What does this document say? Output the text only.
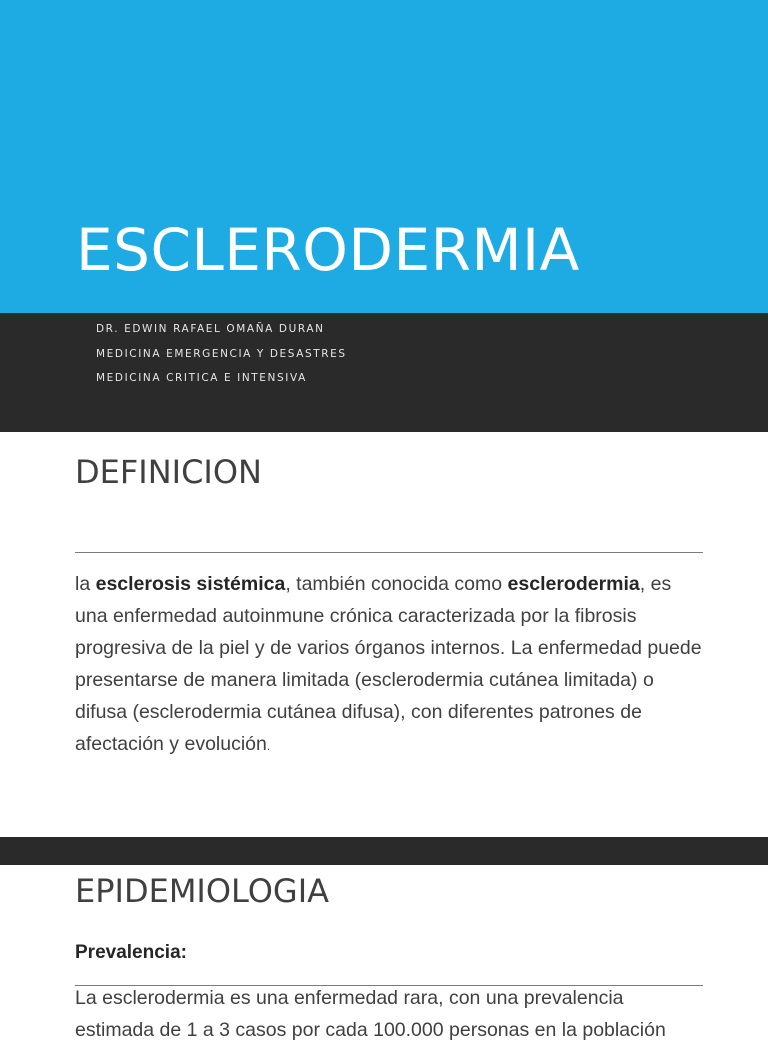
ESCLERODERMIA
DR. EDWIN RAFAEL OMAÑA DURAN
MEDICINA EMERGENCIA Y DESASTRES
MEDICINA CRITICA E INTENSIVA
DEFINICION

la esclerosis sistémica, también conocida como esclerodermia, es una enfermedad autoinmune crónica caracterizada por la fibrosis progresiva de la piel y de varios órganos internos. La enfermedad puede presentarse de manera limitada (esclerodermia cutánea limitada) o difusa (esclerodermia cutánea difusa), con diferentes patrones de afectación y evolución.

EPIDEMIOLOGIA
Prevalencia:

La esclerodermia es una enfermedad rara, con una prevalencia estimada de 1 a 3 casos por cada 100.000 personas en la población
